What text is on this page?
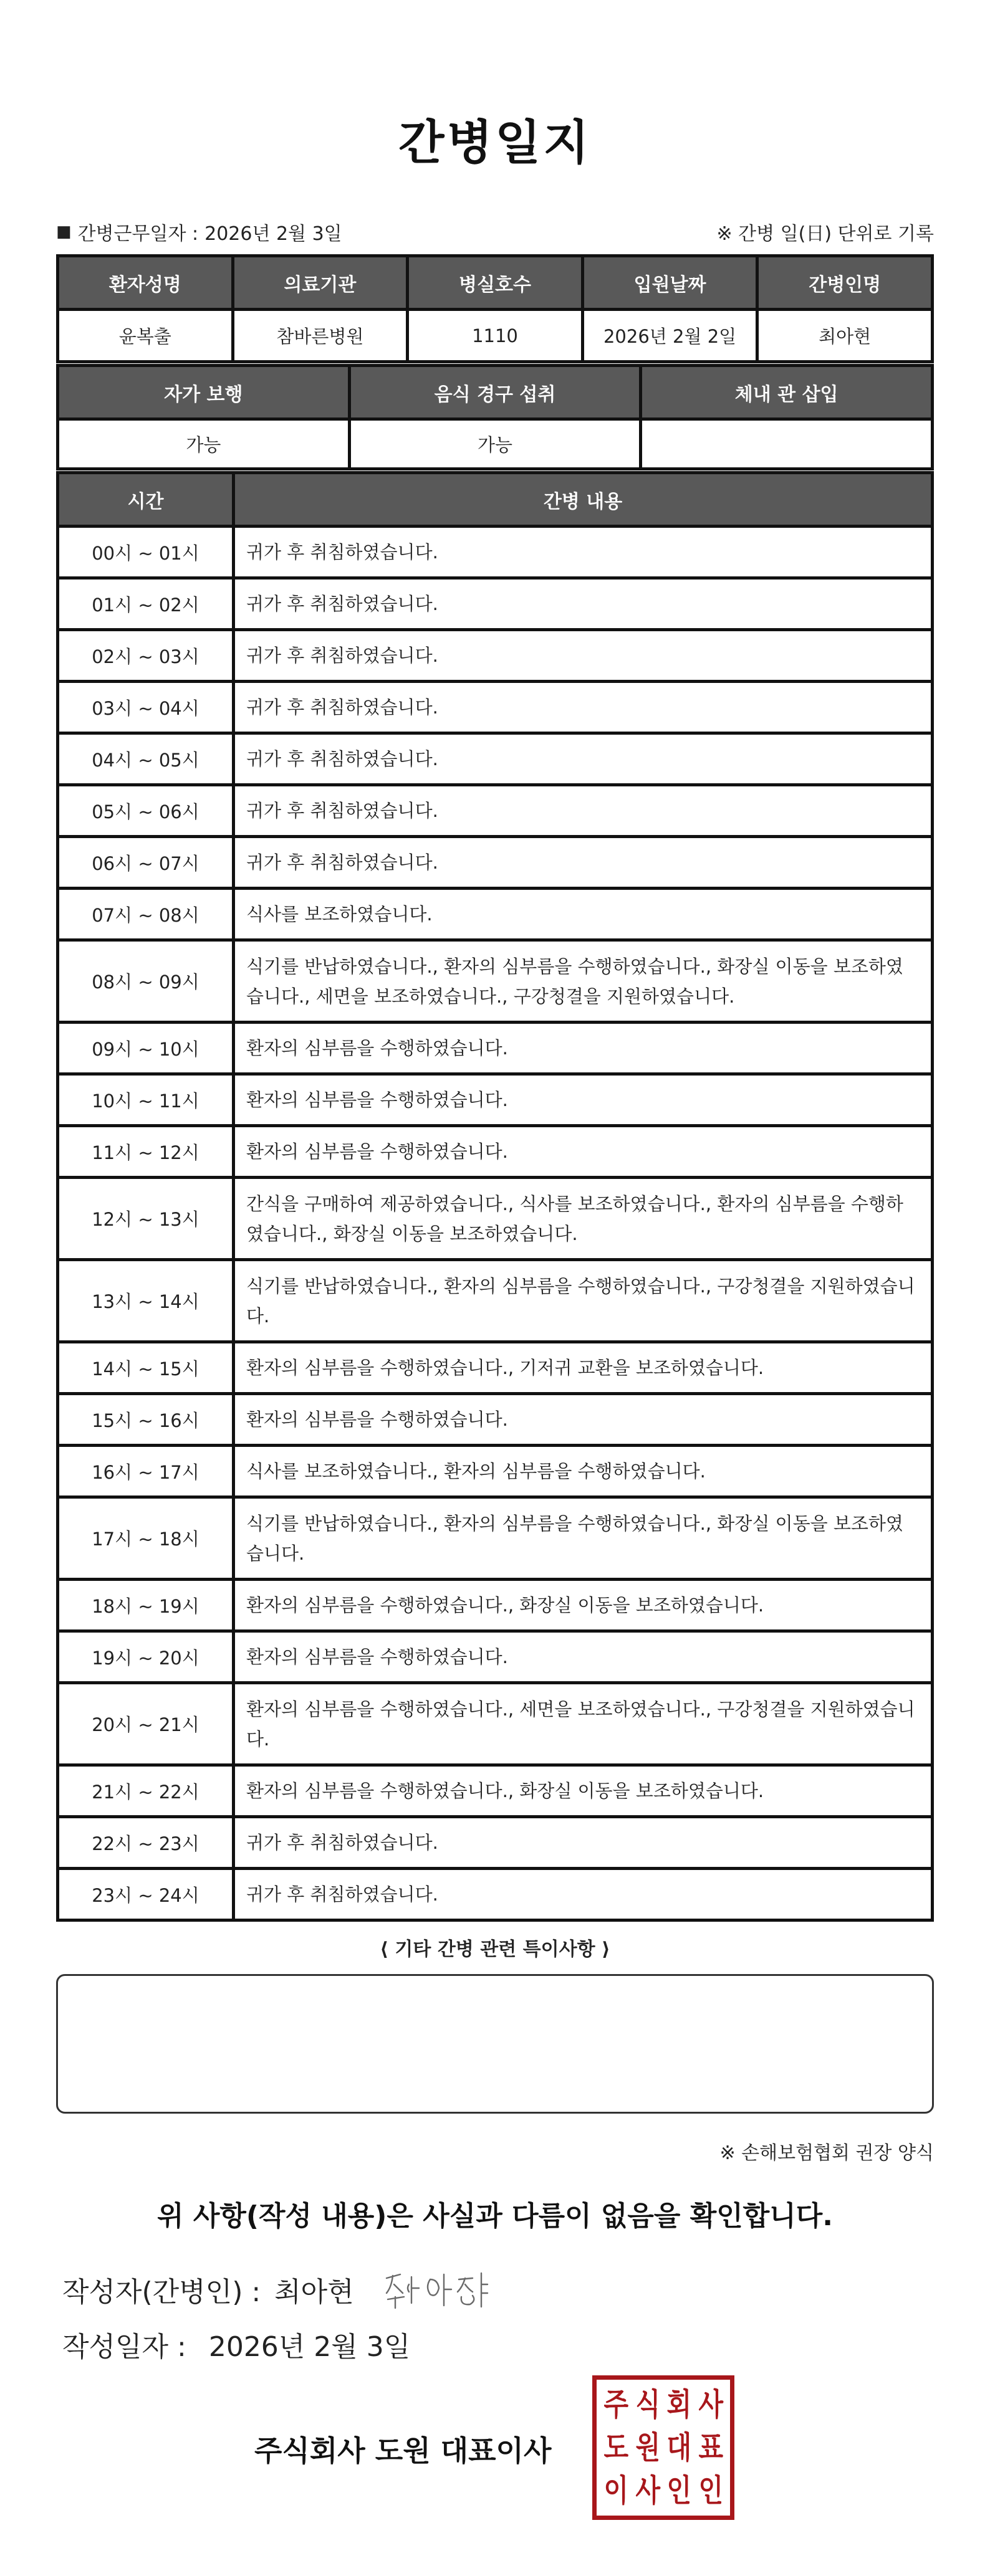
간병일지
■ 간병근무일자 : 2026년 2월 3일	※ 간병 일(日) 단위로 기록
환자성명	의료기관	병실호수	입원날짜	간병인명
윤복출	참바른병원	1110	2026년 2월 2일	최아현
자가 보행	음식 경구 섭취	체내 관 삽입
가능	가능	
시간	간병 내용
00시 ~ 01시	귀가 후 취침하였습니다.
01시 ~ 02시	귀가 후 취침하였습니다.
02시 ~ 03시	귀가 후 취침하였습니다.
03시 ~ 04시	귀가 후 취침하였습니다.
04시 ~ 05시	귀가 후 취침하였습니다.
05시 ~ 06시	귀가 후 취침하였습니다.
06시 ~ 07시	귀가 후 취침하였습니다.
07시 ~ 08시	식사를 보조하였습니다.
08시 ~ 09시	식기를 반납하였습니다., 환자의 심부름을 수행하였습니다., 화장실 이동을 보조하였습니다., 세면을 보조하였습니다., 구강청결을 지원하였습니다.
09시 ~ 10시	환자의 심부름을 수행하였습니다.
10시 ~ 11시	환자의 심부름을 수행하였습니다.
11시 ~ 12시	환자의 심부름을 수행하였습니다.
12시 ~ 13시	간식을 구매하여 제공하였습니다., 식사를 보조하였습니다., 환자의 심부름을 수행하였습니다., 화장실 이동을 보조하였습니다.
13시 ~ 14시	식기를 반납하였습니다., 환자의 심부름을 수행하였습니다., 구강청결을 지원하였습니다.
14시 ~ 15시	환자의 심부름을 수행하였습니다., 기저귀 교환을 보조하였습니다.
15시 ~ 16시	환자의 심부름을 수행하였습니다.
16시 ~ 17시	식사를 보조하였습니다., 환자의 심부름을 수행하였습니다.
17시 ~ 18시	식기를 반납하였습니다., 환자의 심부름을 수행하였습니다., 화장실 이동을 보조하였습니다.
18시 ~ 19시	환자의 심부름을 수행하였습니다., 화장실 이동을 보조하였습니다.
19시 ~ 20시	환자의 심부름을 수행하였습니다.
20시 ~ 21시	환자의 심부름을 수행하였습니다., 세면을 보조하였습니다., 구강청결을 지원하였습니다.
21시 ~ 22시	환자의 심부름을 수행하였습니다., 화장실 이동을 보조하였습니다.
22시 ~ 23시	귀가 후 취침하였습니다.
23시 ~ 24시	귀가 후 취침하였습니다.
⟨ 기타 간병 관련 특이사항 ⟩
※ 손해보험협회 권장 양식
위 사항(작성 내용)은 사실과 다름이 없음을 확인합니다.
작성자(간병인) : 최아현
작성일자 : 2026년 2월 3일
주식회사 도원 대표이사
주 식 회 사
도 원 대 표
이 사 인 인
